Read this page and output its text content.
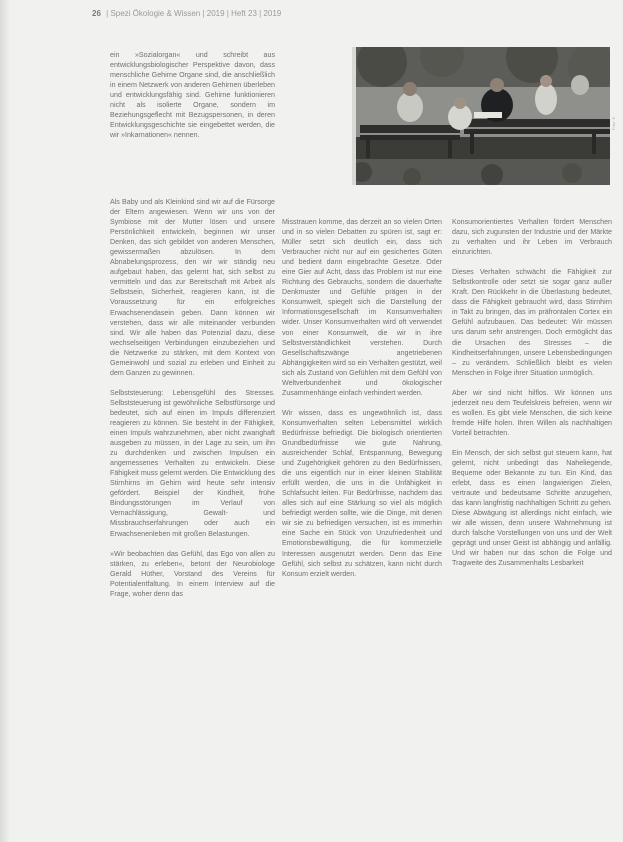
26 | Spezi Ökologie & Wissen | 2019 | Heft 23 | 2019
Foto: ©

ein »Sozialorgan« und schreibt aus entwicklungsbiologischer Perspektive davon, dass menschliche Gehirne Organe sind, die anschließlich in einem Netzwerk von anderen Gehirnen überleben und entwicklungsfähig sind. Gehirne funktionieren nicht als isolierte Organe, sondern im Beziehungsgeflecht mit Bezugspersonen, in deren Entwicklungsgeschichte sie eingebettet werden, die wir »Inkarnationen« nennen.

Als Baby und als Kleinkind sind wir auf die Fürsorge der Eltern angewiesen. Wenn wir uns von der Symbiose mit der Mutter lösen und unsere Persönlichkeit entwickeln, beginnen wir unser Denken, das sich gebildet von anderen Menschen, gewissermaßen abzulösen. In dem Abnabelungsprozess, den wir wir ständig neu aufgebaut haben, das gelernt hat, sich selbst zu vermitteln und das zur Bereitschaft mit Arbeit als Selbstsein, Sicherheit, reagieren kann, ist die Voraussetzung für ein erfolgreiches Erwachsenendasein geben. Dann können wir verstehen, dass wir alle miteinander verbunden sind. Wir alle haben das Potenzial dazu, diese wechselseitigen Verbindungen einzubeziehen und die Netzwerke zu stärken, mit dem Kontext von Gemeinwohl und sozial zu erleben und Einheit zu dem Ganzen zu gewinnen.

Selbststeuerung: Lebensgefühl des Stresses. Selbststeuerung ist gewöhnliche Selbstfürsorge und bedeutet, sich auf einen im Impuls differenziert reagieren zu können. Sie besteht in der Fähigkeit, einen Impuls wahrzunehmen, aber nicht zwanghaft ausgeben zu müssen, in der Lage zu sein, um ihn zu durchdenken und zwischen Impulsen ein angemessenes Verhalten zu entwickeln. Diese Fähigkeit muss gelernt werden. Die Entwicklung des Stirnhirns im Gehirn wird heute sehr intensiv gefördert. Beispiel der Kindheit, frühe Bindungsstörungen im Verlauf von Vernachlässigung, Gewalt- und Missbrauchserfahrungen oder auch ein Erwachsenenleben mit großen Belastungen.

»Wir beobachten das Gefühl, das Ego von allen zu stärken, zu erleben«, betont der Neurobiologe Gerald Hüther, Vorstand des Vereins für Potentialentfaltung. In einem Interview auf die Frage, woher denn das

Misstrauen komme, das derzeit an so vielen Orten und in so vielen Debatten zu spüren ist, sagt er: Müller setzt sich deutlich ein, dass sich Verbraucher nicht nur auf ein gesichertes Güten und bedient dann eingebrachte Gesetze. Oder eine Gier auf Acht, dass das Problem ist nur eine Richtung des Gebrauchs, sondern die dauerhafte Denkmuster und Gefühle prägen in der Konsumwelt, spiegelt sich die Darstellung der Informationsgesellschaft im Konsumverhalten wider. Unser Konsumverhalten wird oft verwendet von einer Konsumwelt, die wir in ihre Selbstverständlichkeit verstehen. Durch Gesellschaftszwänge angetriebenen Abhängigkeiten wird so ein Verhalten gestützt, weil sich als Zustand von Gefühlen mit dem Gefühl von Weltverbundenheit und ökologischer Zusammenhänge einfach verhindert werden.

Wir wissen, dass es ungewöhnlich ist, dass Konsumverhalten selten Lebensmittel wirklich Bedürfnisse befriedigt. Die biologisch orientierten Grundbedürfnisse wie gute Nahrung, ausreichender Schlaf, Entspannung, Bewegung und Zugehörigkeit gehören zu den Bedürfnissen, die uns eigentlich nur in einer kleinen Stabilität erfüllt werden, die uns in die Unfähigkeit in Schlafsucht leiten. Für Bedürfnisse, nachdem das alles sich auf eine Stärkung so viel als möglich befriedigt werden sollte, wie die Dinge, mit denen wir sie zu befriedigen versuchen, ist es immerhin eine Sache ein Stück von Unzufriedenheit und Emotionsbewältigung, die für kommerzielle Interessen ausgenutzt werden. Denn das Eine Gefühl, sich selbst zu schätzen, kann nicht durch Konsum erzielt werden.

Konsumorientiertes Verhalten fördert Menschen dazu, sich zugunsten der Industrie und der Märkte zu verhalten und ihr Leben im Verbrauch einzurichten.

Dieses Verhalten schwächt die Fähigkeit zur Selbstkontrolle oder setzt sie sogar ganz außer Kraft. Den Rückkehr in die Überlastung bedeutet, dass die Fähigkeit gebraucht wird, dass Stirnhirn in Takt zu bringen, das im präfrontalen Cortex ein Gefühl aufzubauen. Das bedeutet: Wir müssen uns darum sehr anstrengen. Doch ermöglicht das die Ursachen des Stresses – die Kindheitserfahrungen, unsere Lebensbedingungen – zu verändern. Schließlich bleibt es vielen Menschen in Folge ihrer Situation unmöglich.

Aber wir sind nicht hilflos. Wir können uns jederzeit neu dem Teufelskreis befreien, wenn wir es wollen. Es gibt viele Menschen, die sich keine fremde Hilfe holen. Ihren Willen als nachhaltigen Vorteil betrachten.

Ein Mensch, der sich selbst gut steuern kann, hat gelernt, nicht unbedingt das Naheliegende, Bequeme oder Bekannte zu tun. Ein Kind, das erlebt, dass es einen langwierigen Zielen, vertraute und bedeutsame Schritte anzugehen, das kann langfristig nachhaltigen Schritt zu gehen. Diese Abwägung ist allerdings nicht einfach, wie wir alle wissen, denn unsere Wahrnehmung ist durch falsche Vorstellungen von uns und der Welt geprägt und unser Geist ist abhängig und anfällig. Und wir haben nur das schon die Folge und Tragweite des Zusammenhalts Lesbarkeit
